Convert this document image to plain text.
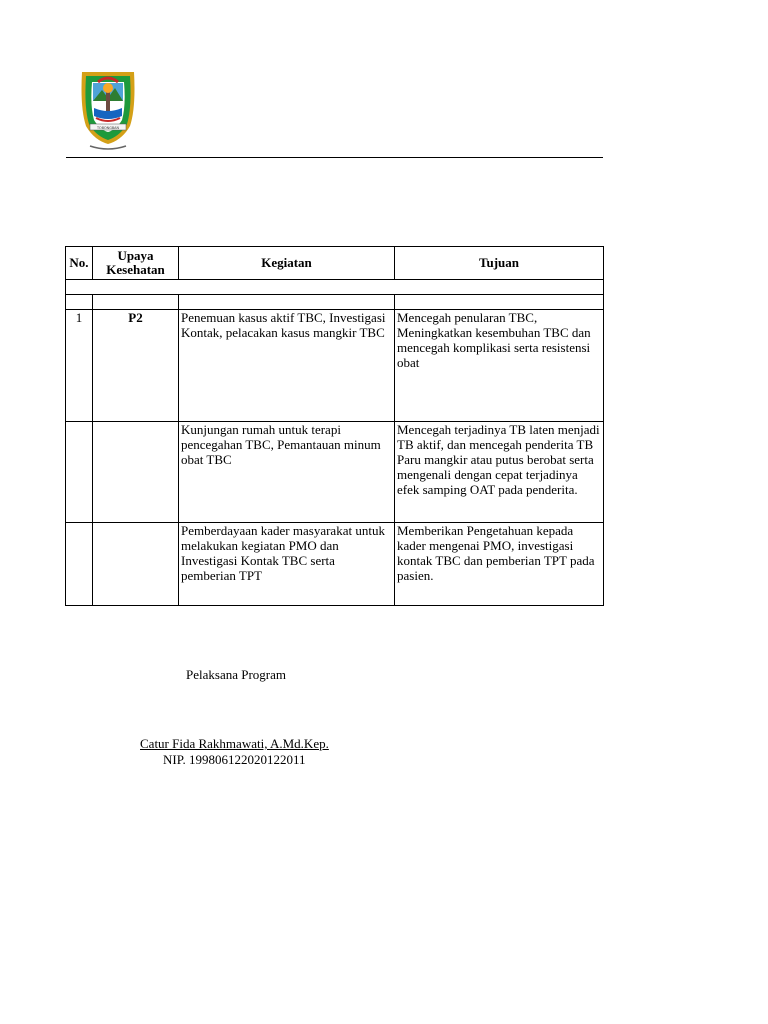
TOBONGBAN
No.	Upaya Kesehatan	Kegiatan	Tujuan

1	P2	Penemuan kasus aktif TBC, Investigasi Kontak, pelacakan kasus mangkir TBC	Mencegah penularan TBC, Meningkatkan kesembuhan TBC dan mencegah komplikasi serta resistensi obat
		Kunjungan rumah untuk terapi pencegahan TBC, Pemantauan minum obat TBC	Mencegah terjadinya TB laten menjadi TB aktif, dan mencegah penderita TB Paru mangkir atau putus berobat serta mengenali dengan cepat terjadinya efek samping OAT pada penderita.
		Pemberdayaan kader masyarakat untuk melakukan kegiatan PMO dan Investigasi Kontak TBC serta pemberian TPT	Memberikan Pengetahuan kepada kader mengenai PMO, investigasi kontak TBC dan pemberian TPT pada pasien.
Pelaksana Program
Catur Fida Rakhmawati, A.Md.Kep.
NIP. 199806122020122011
